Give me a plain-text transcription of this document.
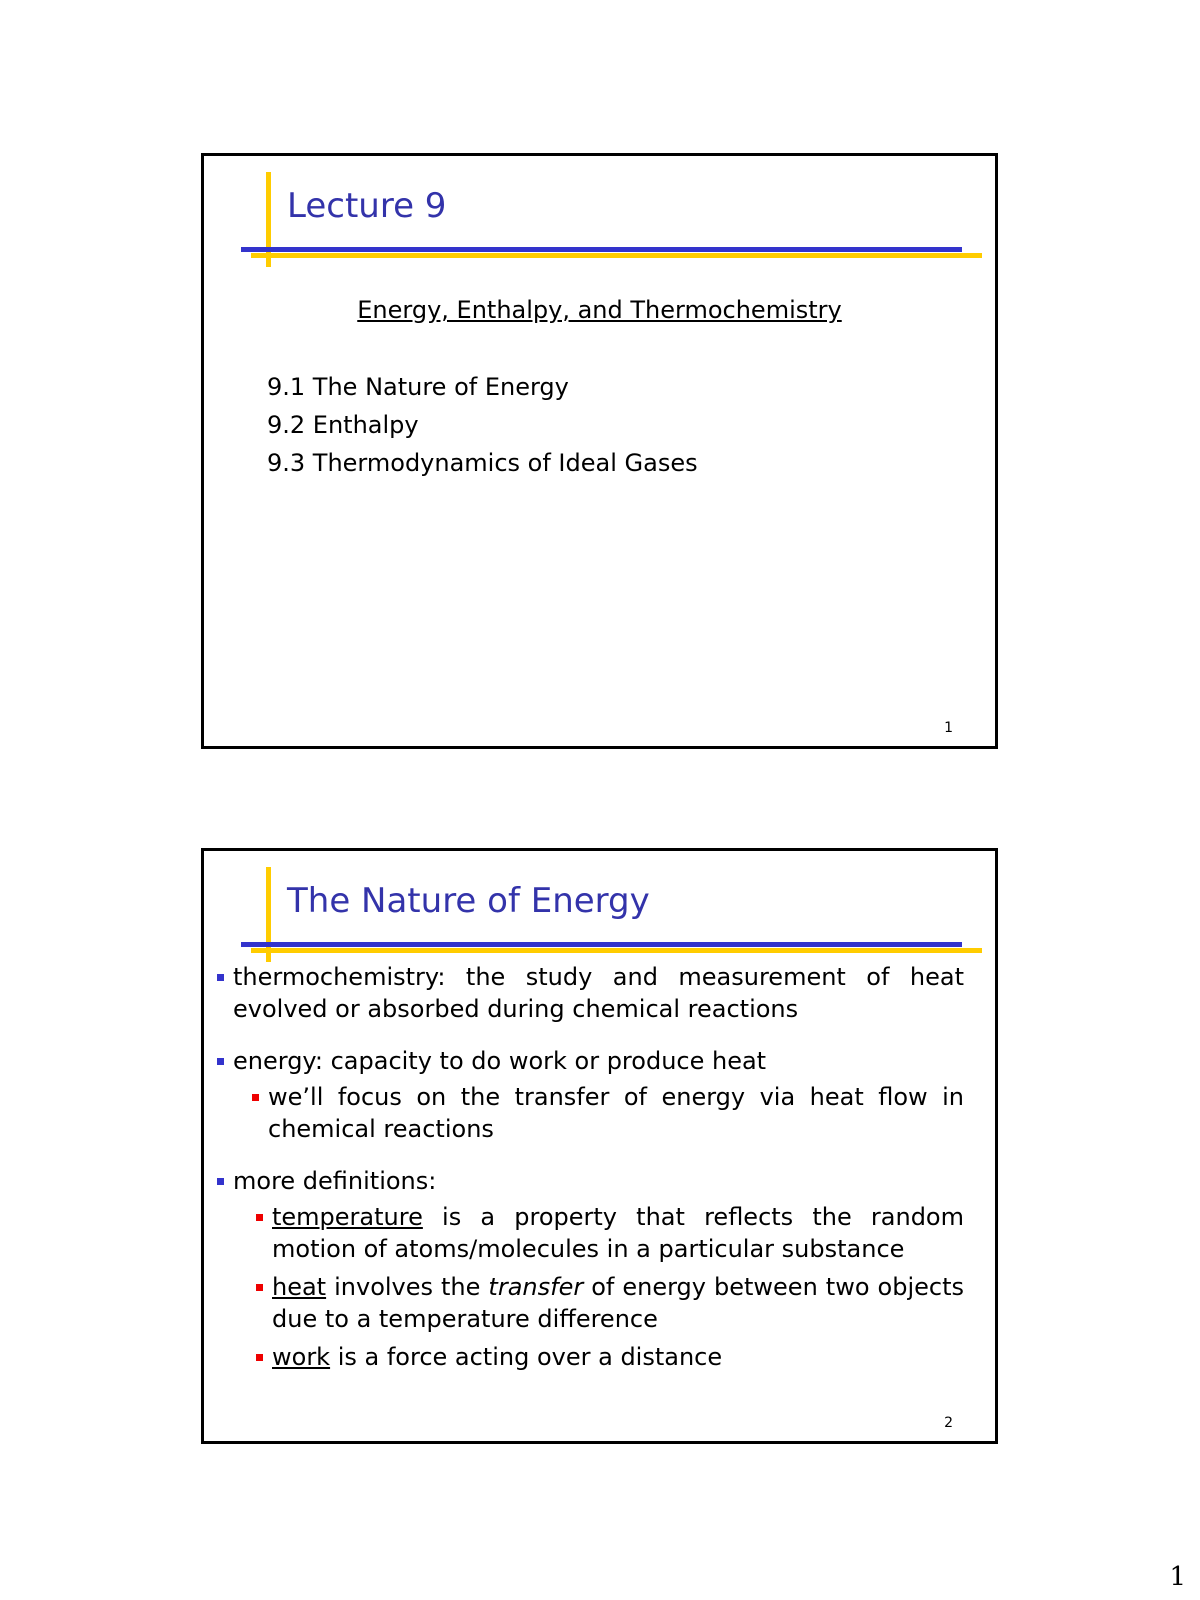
Lecture 9
Energy, Enthalpy, and Thermochemistry
9.1 The Nature of Energy
9.2 Enthalpy
9.3 Thermodynamics of Ideal Gases
1
The Nature of Energy
thermochemistry: the study and measurement of heat evolved or absorbed during chemical reactions
energy: capacity to do work or produce heat
we’ll focus on the transfer of energy via heat flow in chemical reactions
more definitions:
temperature is a property that reflects the random motion of atoms/molecules in a particular substance
heat involves the transfer of energy between two objects due to a temperature difference
work is a force acting over a distance
2
1
